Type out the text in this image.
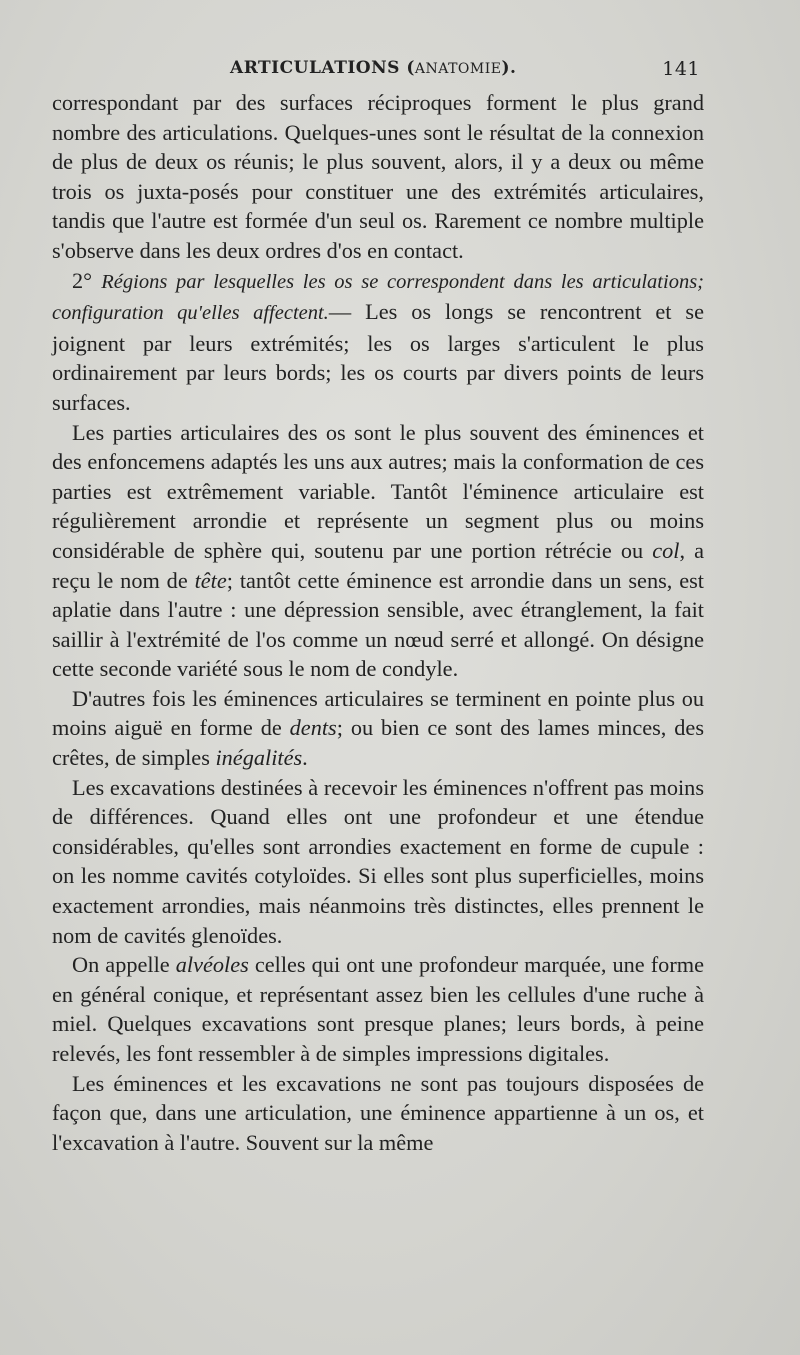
ARTICULATIONS (ANATOMIE).	141

correspondant par des surfaces réciproques forment le plus grand nombre des articulations. Quelques-unes sont le résultat de la connexion de plus de deux os réunis; le plus souvent, alors, il y a deux ou même trois os juxta-posés pour constituer une des extrémités articulaires, tandis que l'autre est formée d'un seul os. Rarement ce nombre multiple s'observe dans les deux ordres d'os en contact.

2° Régions par lesquelles les os se correspondent dans les articulations; configuration qu'elles affectent.— Les os longs se rencontrent et se joignent par leurs extrémités; les os larges s'articulent le plus ordinairement par leurs bords; les os courts par divers points de leurs surfaces.

Les parties articulaires des os sont le plus souvent des éminences et des enfoncemens adaptés les uns aux autres; mais la conformation de ces parties est extrêmement variable. Tantôt l'éminence articulaire est régulièrement arrondie et représente un segment plus ou moins considérable de sphère qui, soutenu par une portion rétrécie ou col, a reçu le nom de tête; tantôt cette éminence est arrondie dans un sens, est aplatie dans l'autre : une dépression sensible, avec étranglement, la fait saillir à l'extrémité de l'os comme un nœud serré et allongé. On désigne cette seconde variété sous le nom de condyle.

D'autres fois les éminences articulaires se terminent en pointe plus ou moins aiguë en forme de dents; ou bien ce sont des lames minces, des crêtes, de simples inégalités.

Les excavations destinées à recevoir les éminences n'offrent pas moins de différences. Quand elles ont une profondeur et une étendue considérables, qu'elles sont arrondies exactement en forme de cupule : on les nomme cavités cotyloïdes. Si elles sont plus superficielles, moins exactement arrondies, mais néanmoins très distinctes, elles prennent le nom de cavités glenoïdes.

On appelle alvéoles celles qui ont une profondeur marquée, une forme en général conique, et représentant assez bien les cellules d'une ruche à miel. Quelques excavations sont presque planes; leurs bords, à peine relevés, les font ressembler à de simples impressions digitales.

Les éminences et les excavations ne sont pas toujours disposées de façon que, dans une articulation, une éminence appartienne à un os, et l'excavation à l'autre. Souvent sur la même
